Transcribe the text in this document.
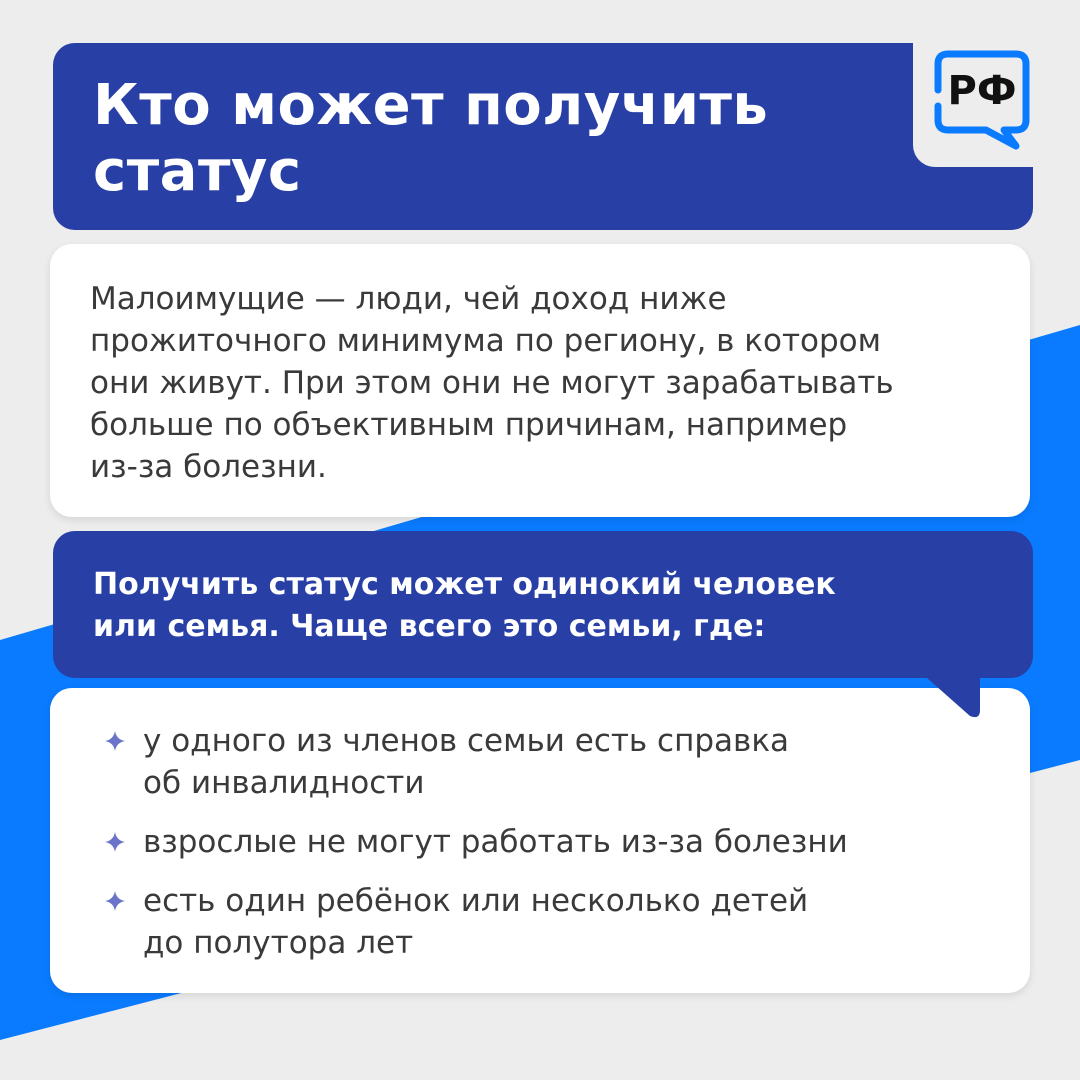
Кто может получить
статус
РФ
Малоимущие — люди, чей доход ниже
прожиточного минимума по региону, в котором
они живут. При этом они не могут зарабатывать
больше по объективным причинам, например
из-за болезни.
Получить статус может одинокий человек
или семья. Чаще всего это семьи, где:
у одного из членов семьи есть справка
об инвалидности
взрослые не могут работать из-за болезни
есть один ребёнок или несколько детей
до полутора лет
